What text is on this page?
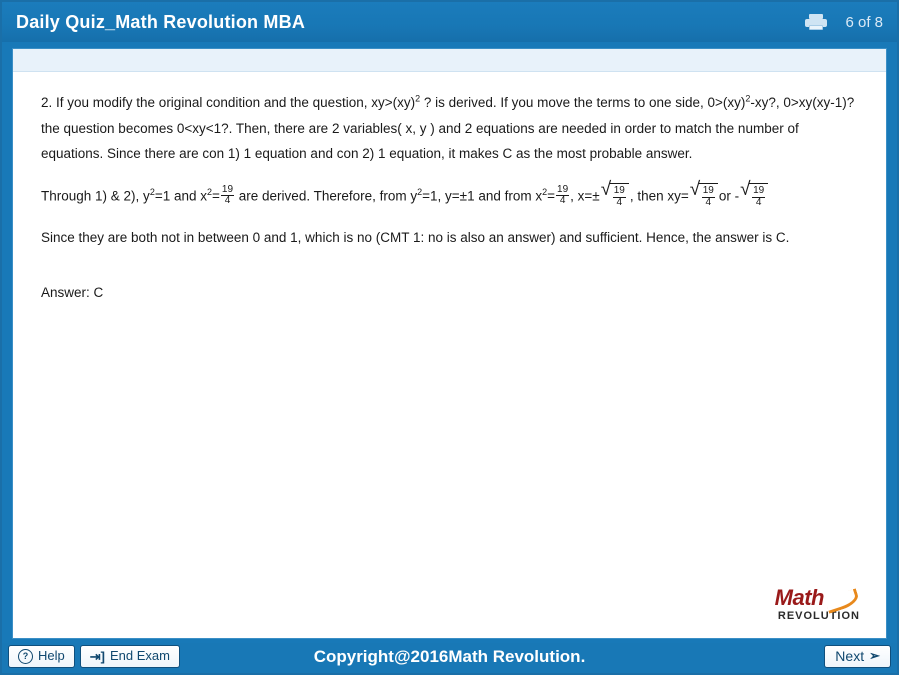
Daily Quiz_Math Revolution MBA	6 of 8

2. If you modify the original condition and the question, xy>(xy)$^2$ ? is derived. If you move the terms to one side, 0>(xy)$^2$-xy?, 0>xy(xy-1)? the question becomes 0<xy<1?. Then, there are 2 variables( x, y ) and 2 equations are needed in order to match the number of equations. Since there are con 1) 1 equation and con 2) 1 equation, it makes C as the most probable answer.

Through 1) & 2), $y^2=1$ and $x^2= \frac{19}{4}$ are derived. Therefore, from $y^2=1$, y=±1 and from $x^2= \frac{19}{4}$ , x=± √ $\frac{19}{4}$ , then xy= √ $\frac{19}{4}$ or - √ $\frac{19}{4}$

Since they are both not in between 0 and 1, which is no (CMT 1: no is also an answer) and sufficient. Hence, the answer is C.

Answer: C

Math
REVOLUTION
? Help ⇥] End Exam	Copyright@2016Math Revolution.	Next ➢
